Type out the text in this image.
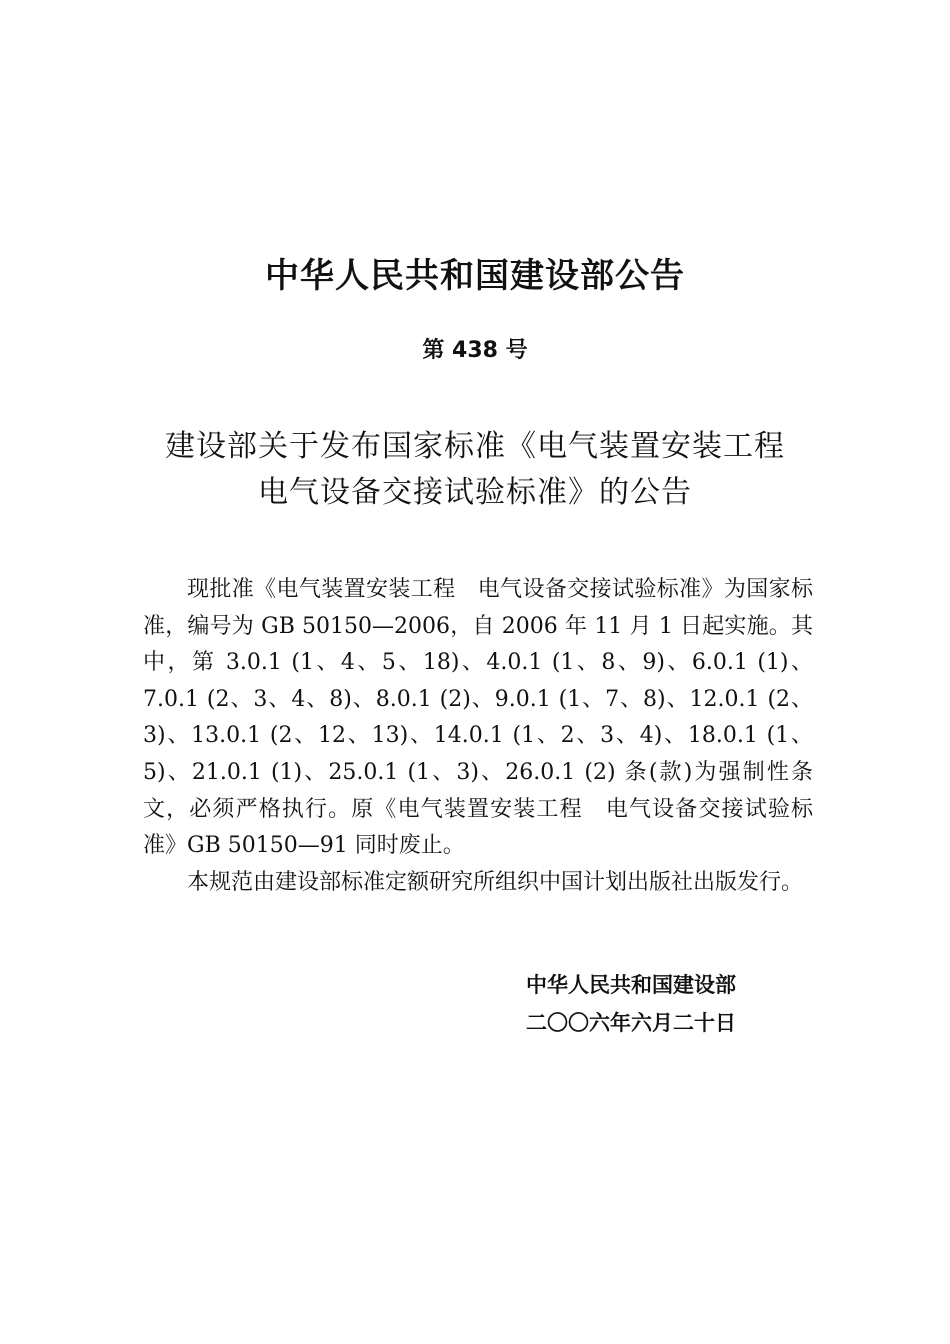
中华人民共和国建设部公告
第 438 号
建设部关于发布国家标准《电气装置安装工程
电气设备交接试验标准》的公告

现批准《电气装置安装工程　电气设备交接试验标准》为国家标准，编号为 GB 50150—2006，自 2006 年 11 月 1 日起实施。其中，第 3.0.1 (1、4、5、18)、4.0.1 (1、8、9)、6.0.1 (1)、7.0.1 (2、3、4、8)、8.0.1 (2)、9.0.1 (1、7、8)、12.0.1 (2、3)、13.0.1 (2、12、13)、14.0.1 (1、2、3、4)、18.0.1 (1、5)、21.0.1 (1)、25.0.1 (1、3)、26.0.1 (2) 条(款)为强制性条文，必须严格执行。原《电气装置安装工程　电气设备交接试验标准》GB 50150—91 同时废止。

本规范由建设部标准定额研究所组织中国计划出版社出版发行。

中华人民共和国建设部
二〇〇六年六月二十日
